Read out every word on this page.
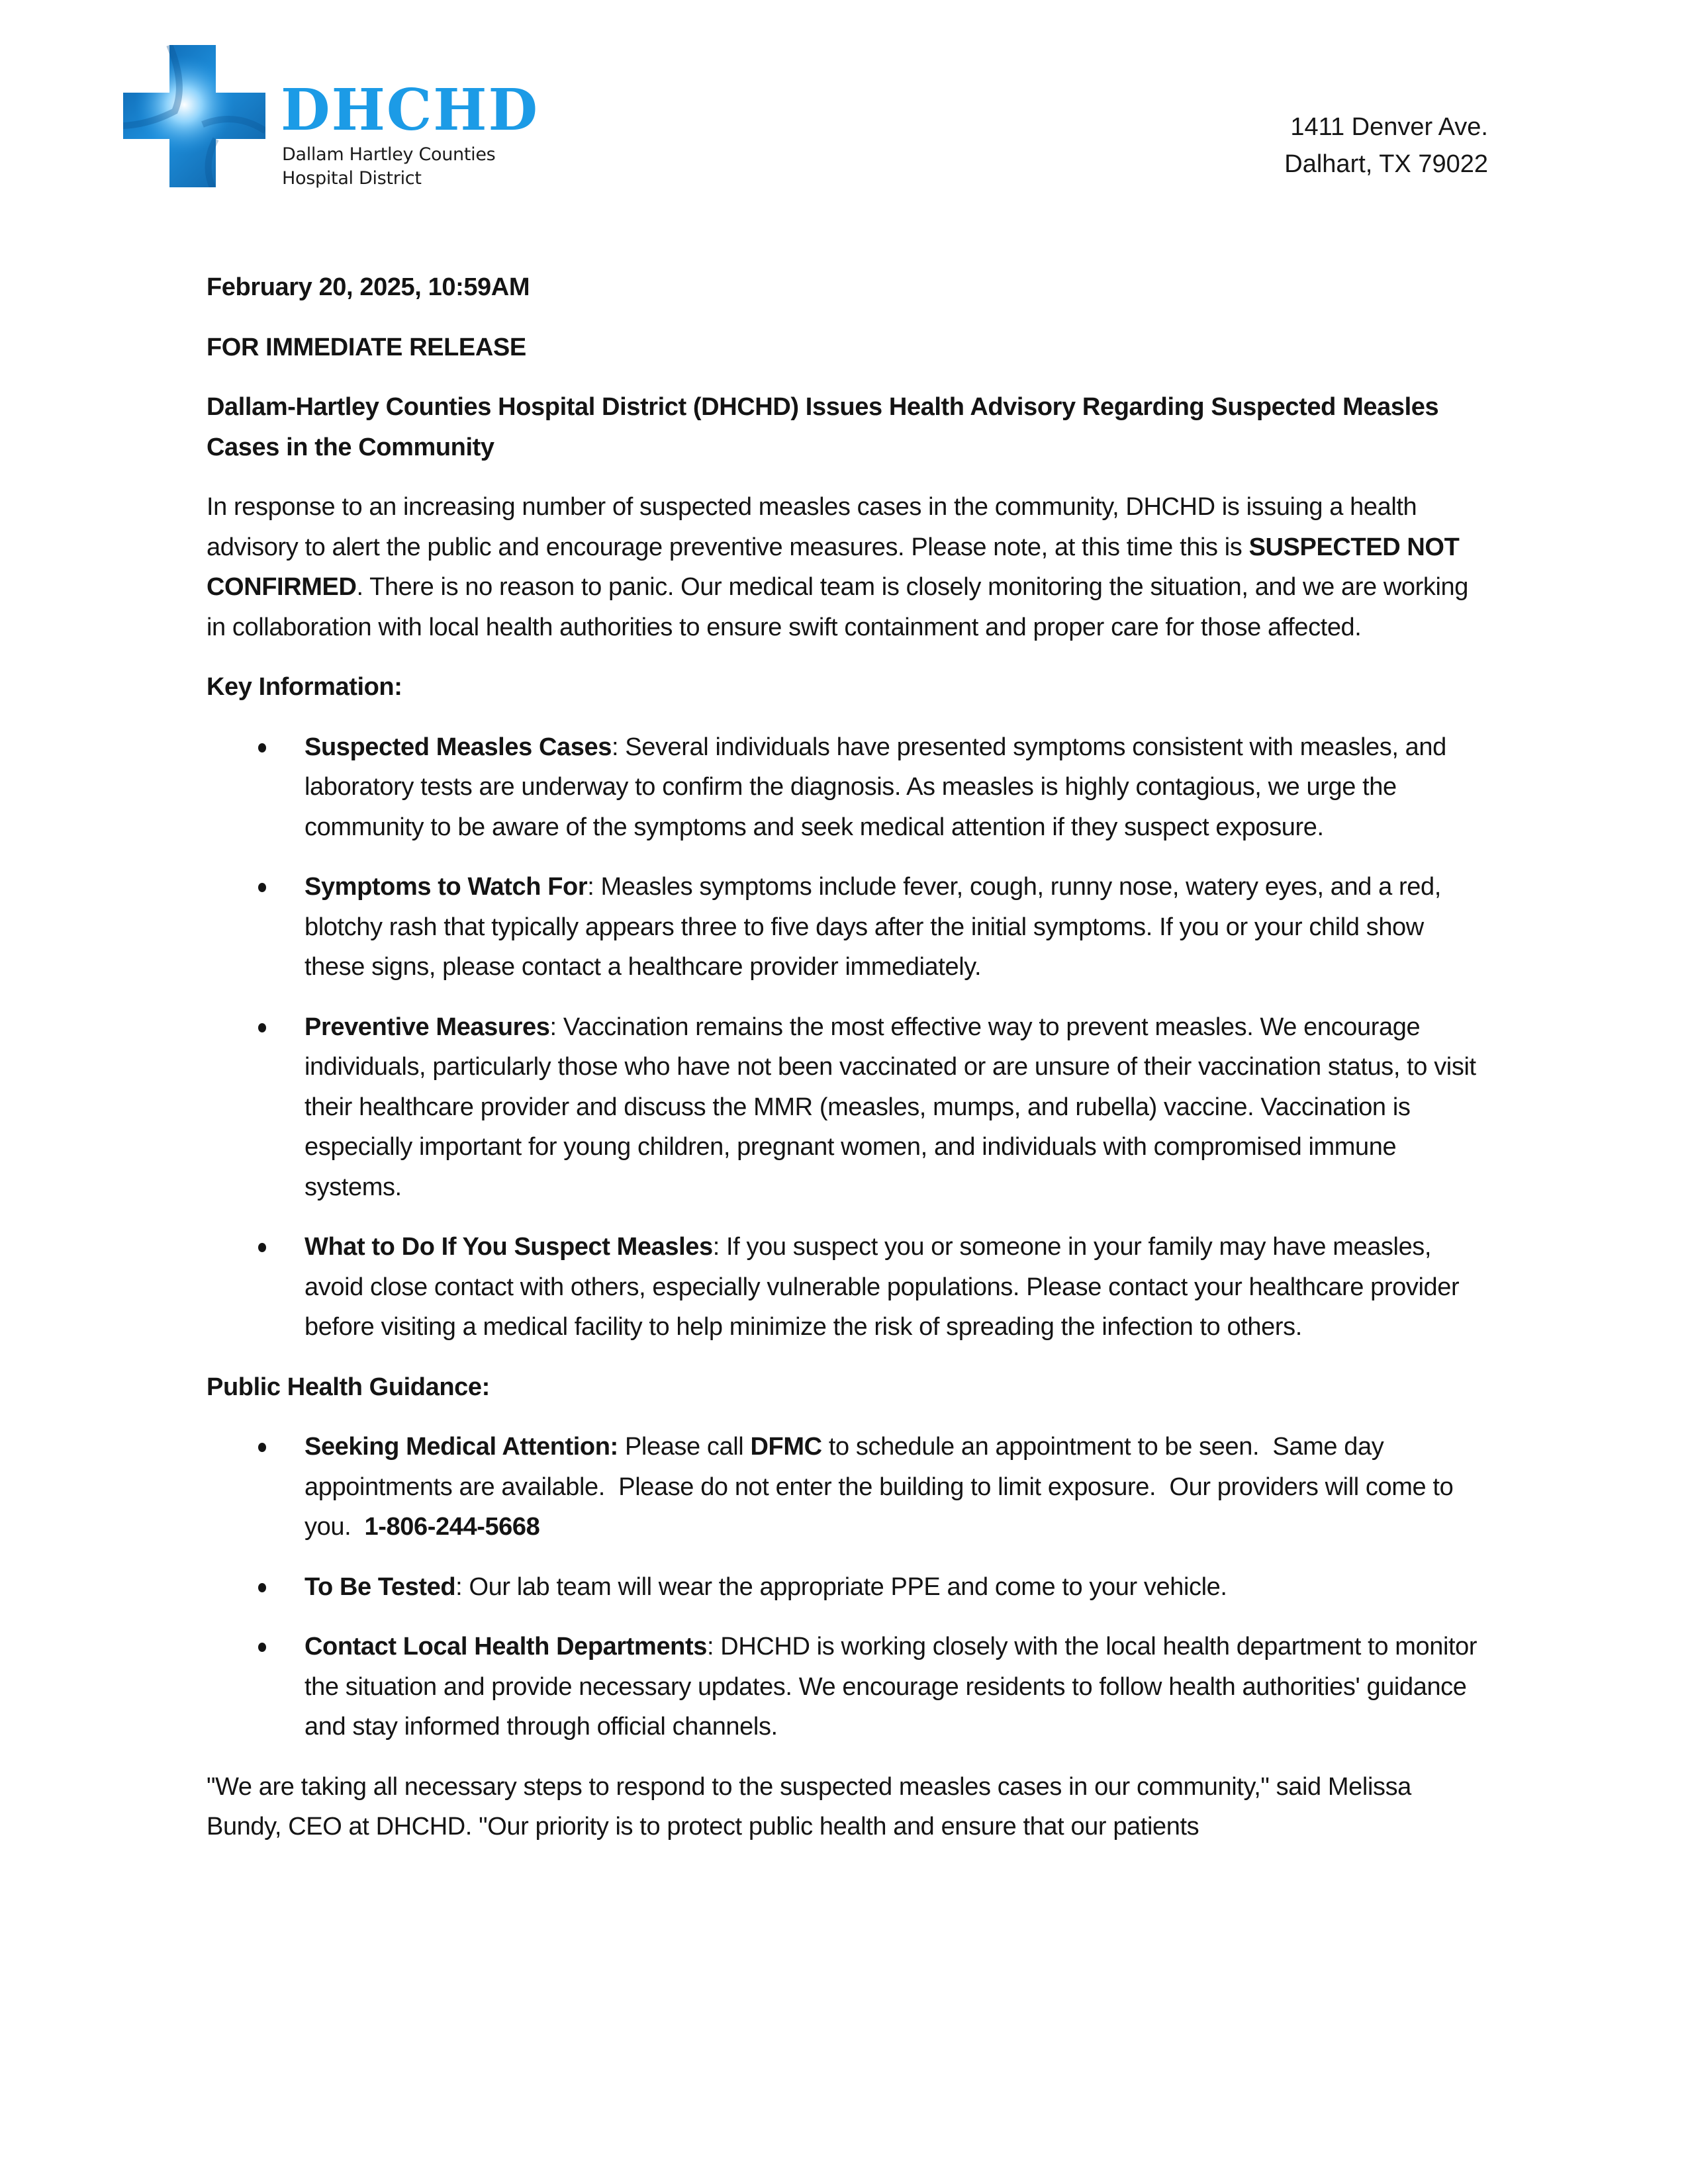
DHCHD
Dallam Hartley Counties
Hospital District
1411 Denver Ave.
Dalhart, TX 79022

February 20, 2025, 10:59AM

FOR IMMEDIATE RELEASE

Dallam-Hartley Counties Hospital District (DHCHD) Issues Health Advisory Regarding Suspected Measles Cases in the Community

In response to an increasing number of suspected measles cases in the community, DHCHD is issuing a health advisory to alert the public and encourage preventive measures. Please note, at this time this is SUSPECTED NOT CONFIRMED. There is no reason to panic. Our medical team is closely monitoring the situation, and we are working in collaboration with local health authorities to ensure swift containment and proper care for those affected.

Key Information:

Suspected Measles Cases: Several individuals have presented symptoms consistent with measles, and laboratory tests are underway to confirm the diagnosis. As measles is highly contagious, we urge the community to be aware of the symptoms and seek medical attention if they suspect exposure.
Symptoms to Watch For: Measles symptoms include fever, cough, runny nose, watery eyes, and a red, blotchy rash that typically appears three to five days after the initial symptoms. If you or your child show these signs, please contact a healthcare provider immediately.
Preventive Measures: Vaccination remains the most effective way to prevent measles. We encourage individuals, particularly those who have not been vaccinated or are unsure of their vaccination status, to visit their healthcare provider and discuss the MMR (measles, mumps, and rubella) vaccine. Vaccination is especially important for young children, pregnant women, and individuals with compromised immune systems.
What to Do If You Suspect Measles: If you suspect you or someone in your family may have measles, avoid close contact with others, especially vulnerable populations. Please contact your healthcare provider before visiting a medical facility to help minimize the risk of spreading the infection to others.

Public Health Guidance:

Seeking Medical Attention: Please call DFMC to schedule an appointment to be seen.  Same day appointments are available.  Please do not enter the building to limit exposure.  Our providers will come to you.  1-806-244-5668
To Be Tested: Our lab team will wear the appropriate PPE and come to your vehicle.
Contact Local Health Departments: DHCHD is working closely with the local health department to monitor the situation and provide necessary updates. We encourage residents to follow health authorities' guidance and stay informed through official channels.

"We are taking all necessary steps to respond to the suspected measles cases in our community," said Melissa Bundy, CEO at DHCHD. "Our priority is to protect public health and ensure that our patients
